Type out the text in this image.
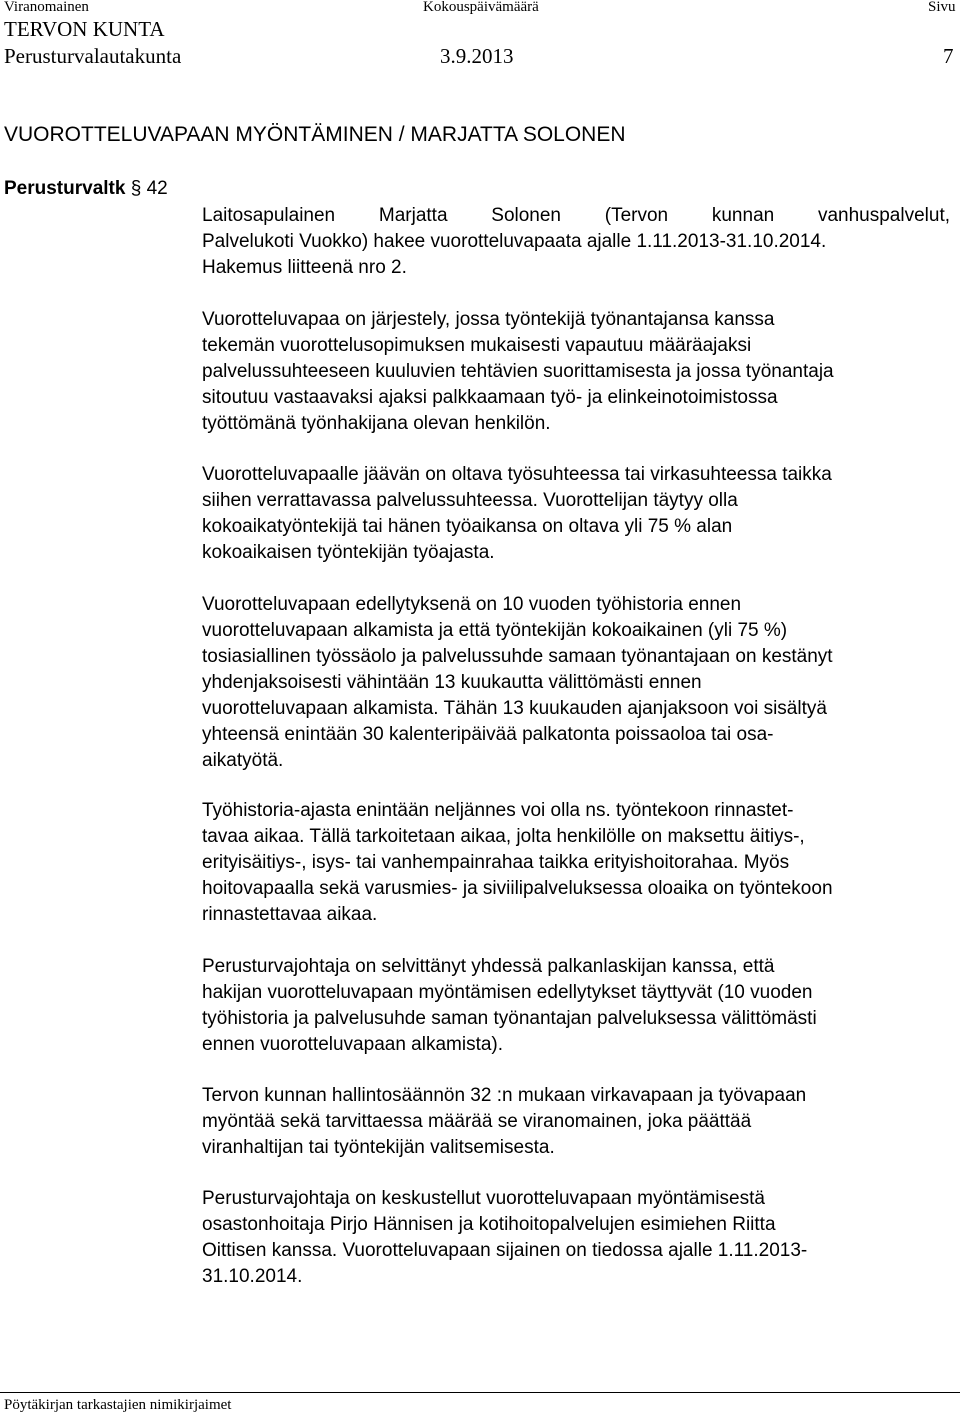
Viranomainen	Kokouspäivämäärä	Sivu
TERVON KUNTA
Perusturvalautakunta	3.9.2013	7
VUOROTTELUVAPAAN MYÖNTÄMINEN / MARJATTA SOLONEN
Perusturvaltk § 42
Laitosapulainen Marjatta Solonen (Tervon kunnan vanhuspalvelut,
Palvelukoti Vuokko) hakee vuorotteluvapaata ajalle 1.11.2013-31.10.2014.
Hakemus liitteenä nro 2.
Vuorotteluvapaa on järjestely, jossa työntekijä työnantajansa kanssa
tekemän vuorottelusopimuksen mukaisesti vapautuu määräajaksi
palvelussuhteeseen kuuluvien tehtävien suorittamisesta ja jossa työnantaja
sitoutuu vastaavaksi ajaksi palkkaamaan työ- ja elinkeinotoimistossa
työttömänä työnhakijana olevan henkilön.
Vuorotteluvapaalle jäävän on oltava työsuhteessa tai virkasuhteessa taikka
siihen verrattavassa palvelussuhteessa. Vuorottelijan täytyy olla
kokoaikatyöntekijä tai hänen työaikansa on oltava yli 75 % alan
kokoaikaisen työntekijän työajasta.
Vuorotteluvapaan edellytyksenä on 10 vuoden työhistoria ennen
vuorotteluvapaan alkamista ja että työntekijän kokoaikainen (yli 75 %)
tosiasiallinen työssäolo ja palvelussuhde samaan työnantajaan on kestänyt
yhdenjaksoisesti vähintään 13 kuukautta välittömästi ennen
vuorotteluvapaan alkamista. Tähän 13 kuukauden ajanjaksoon voi sisältyä
yhteensä enintään 30 kalenteripäivää palkatonta poissaoloa tai osa-
aikatyötä.
Työhistoria-ajasta enintään neljännes voi olla ns. työntekoon rinnastet-
tavaa aikaa. Tällä tarkoitetaan aikaa, jolta henkilölle on maksettu äitiys-,
erityisäitiys-, isys- tai vanhempainrahaa taikka erityishoitorahaa. Myös
hoitovapaalla sekä varusmies- ja siviilipalveluksessa oloaika on työntekoon
rinnastettavaa aikaa.
Perusturvajohtaja on selvittänyt yhdessä palkanlaskijan kanssa, että
hakijan vuorotteluvapaan myöntämisen edellytykset täyttyvät (10 vuoden
työhistoria ja palvelusuhde saman työnantajan palveluksessa välittömästi
ennen vuorotteluvapaan alkamista).
Tervon kunnan hallintosäännön 32 :n mukaan virkavapaan ja työvapaan
myöntää sekä tarvittaessa määrää se viranomainen, joka päättää
viranhaltijan tai työntekijän valitsemisesta.
Perusturvajohtaja on keskustellut vuorotteluvapaan myöntämisestä
osastonhoitaja Pirjo Hännisen ja kotihoitopalvelujen esimiehen Riitta
Oittisen kanssa. Vuorotteluvapaan sijainen on tiedossa ajalle 1.11.2013-
31.10.2014.
Pöytäkirjan tarkastajien nimikirjaimet
